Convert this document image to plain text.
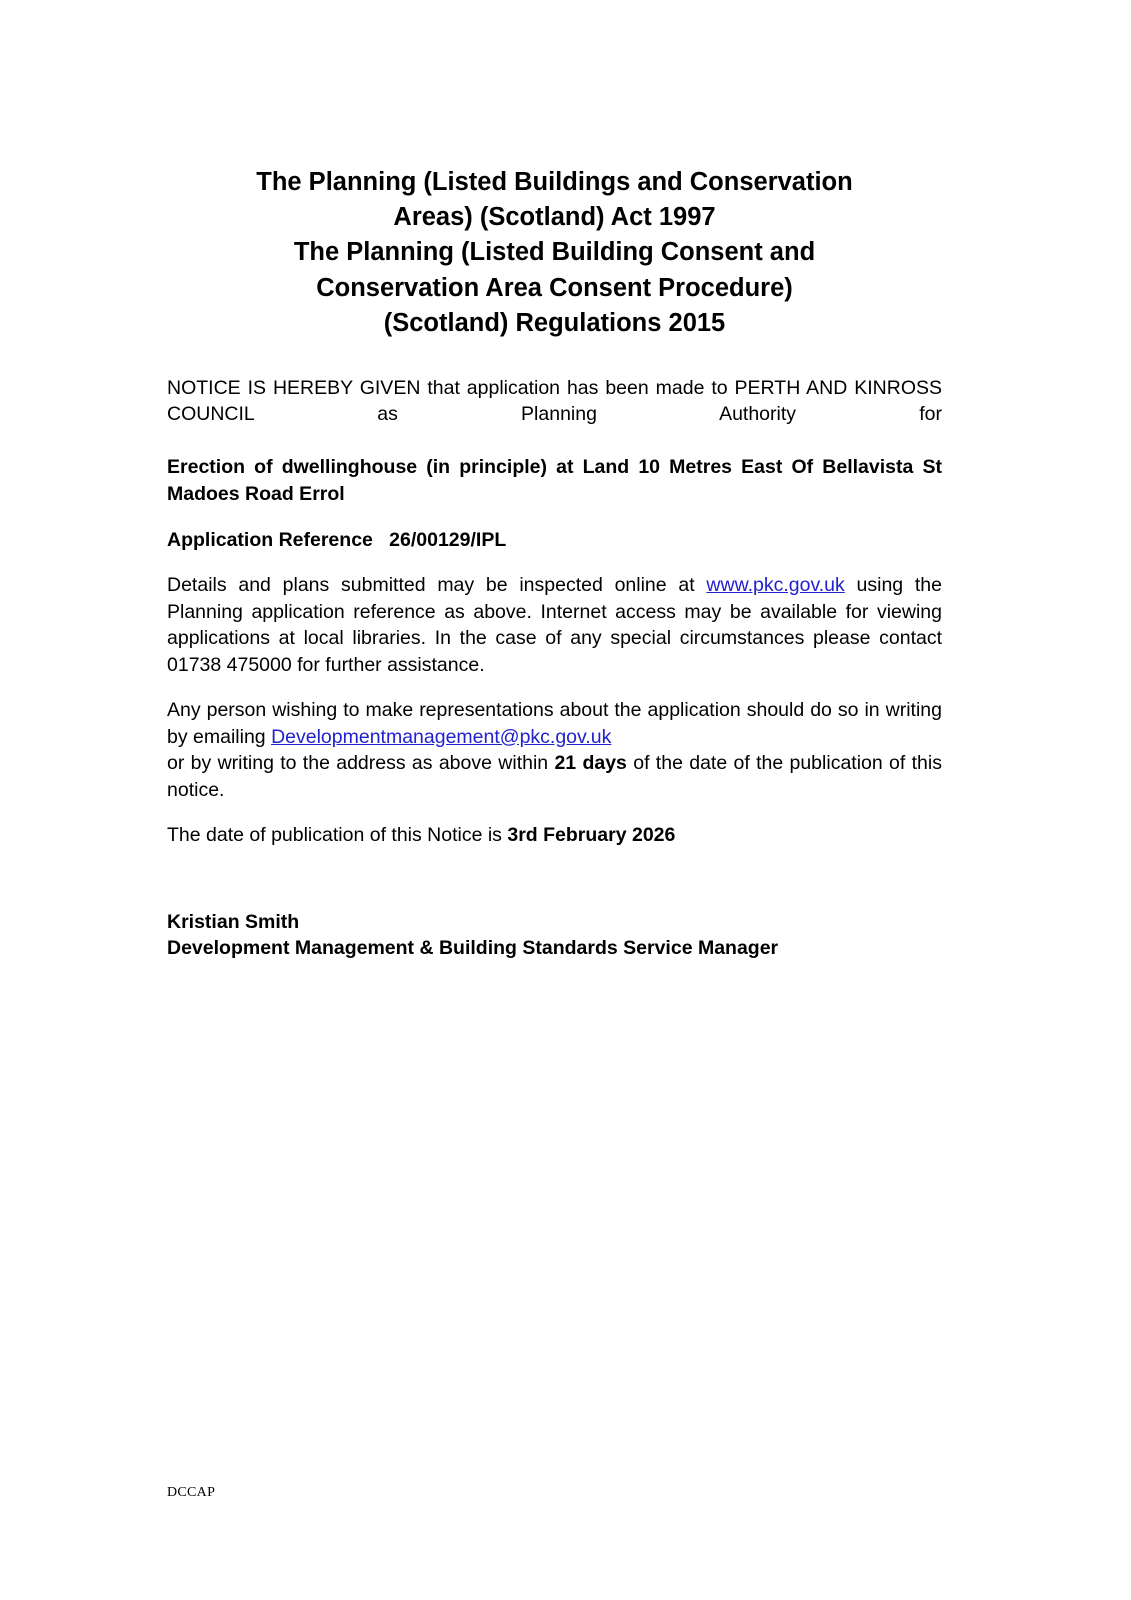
The Planning (Listed Buildings and Conservation
Areas) (Scotland) Act 1997
The Planning (Listed Building Consent and
Conservation Area Consent Procedure)
(Scotland) Regulations 2015

NOTICE IS HEREBY GIVEN that application has been made to PERTH AND KINROSS COUNCIL as Planning Authority for

Erection of dwellinghouse (in principle) at Land 10 Metres East Of Bellavista St Madoes Road Errol

Application Reference 26/00129/IPL

Details and plans submitted may be inspected online at www.pkc.gov.uk using the Planning application reference as above. Internet access may be available for viewing applications at local libraries. In the case of any special circumstances please contact 01738 475000 for further assistance.

Any person wishing to make representations about the application should do so in writing by emailing Developmentmanagement@pkc.gov.uk

or by writing to the address as above within 21 days of the date of the publication of this notice.

The date of publication of this Notice is 3rd February 2026

Kristian Smith
Development Management & Building Standards Service Manager
DCCAP
